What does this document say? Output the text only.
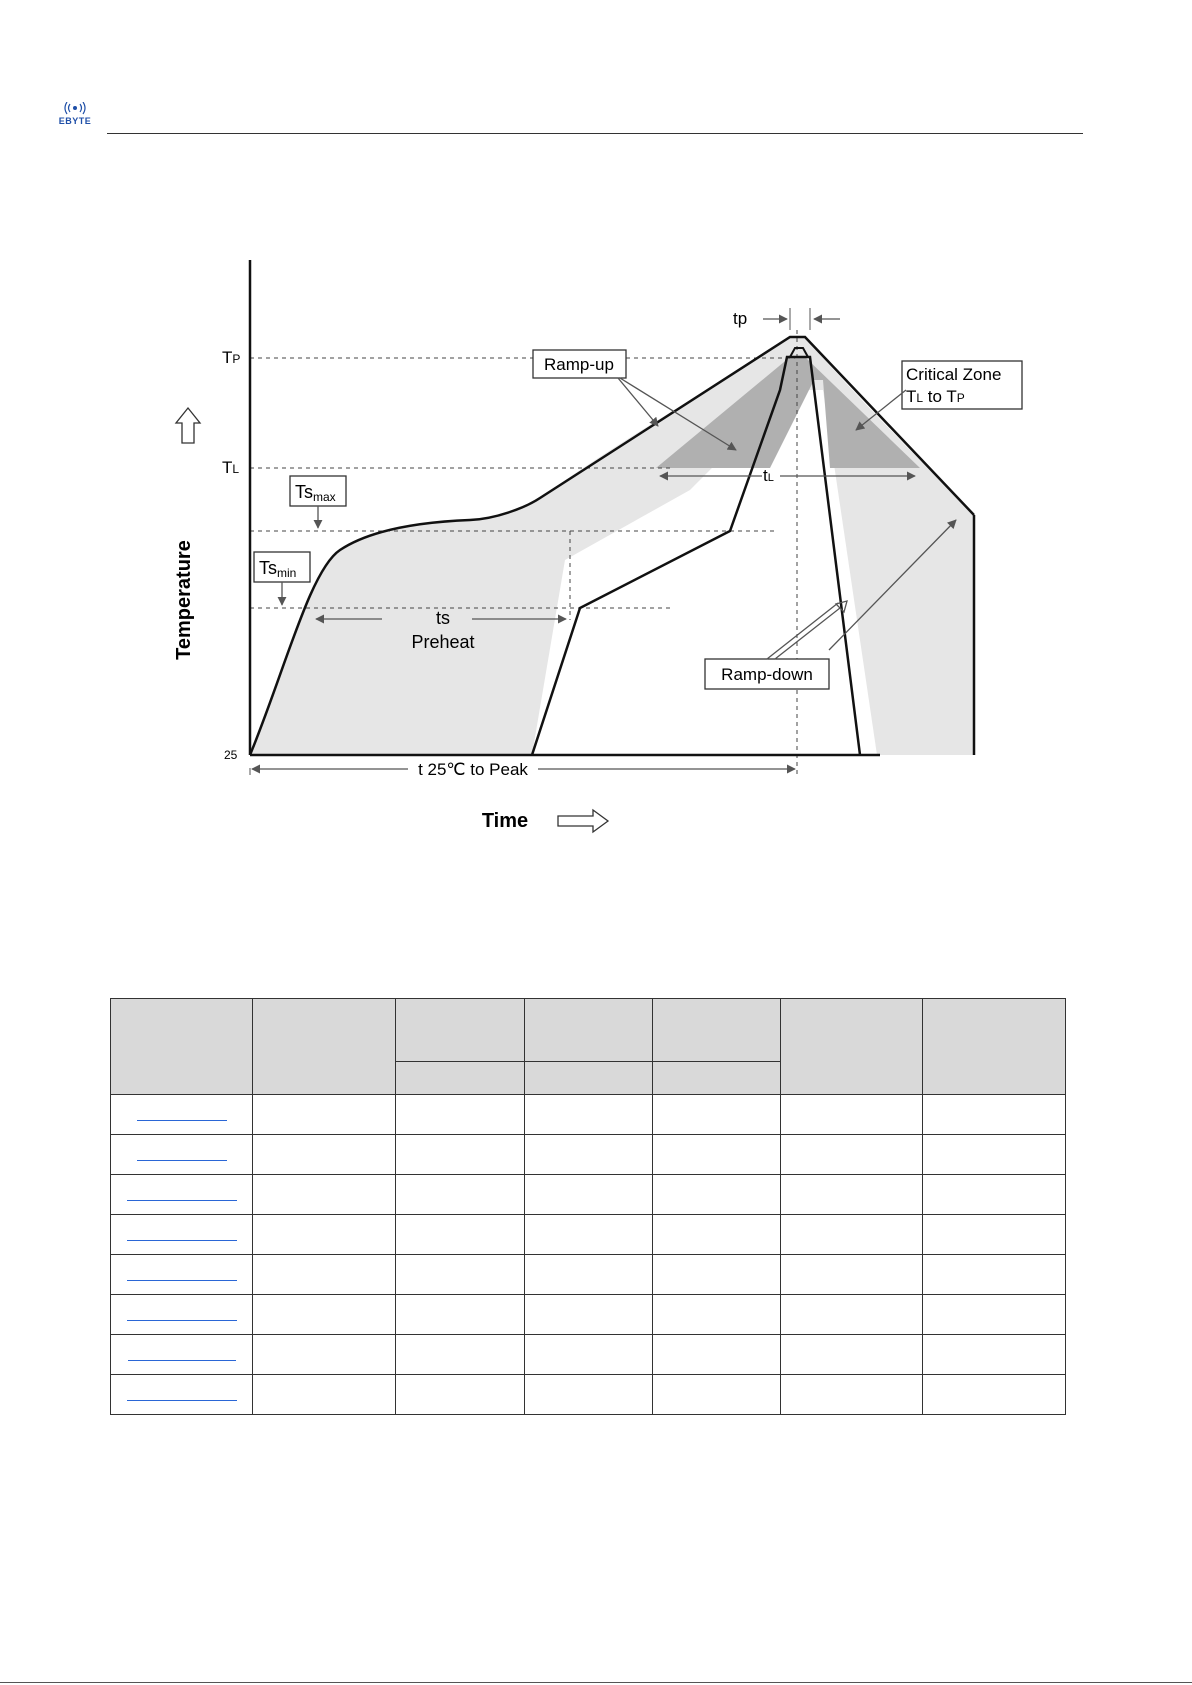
EBYTE
TP
TL
25
Temperature
Time
tp
tL
Ramp-up
Critical Zone
TL to TP
Tsmax
Tsmin
ts
Preheat
Ramp-down
t 25℃ to Peak
